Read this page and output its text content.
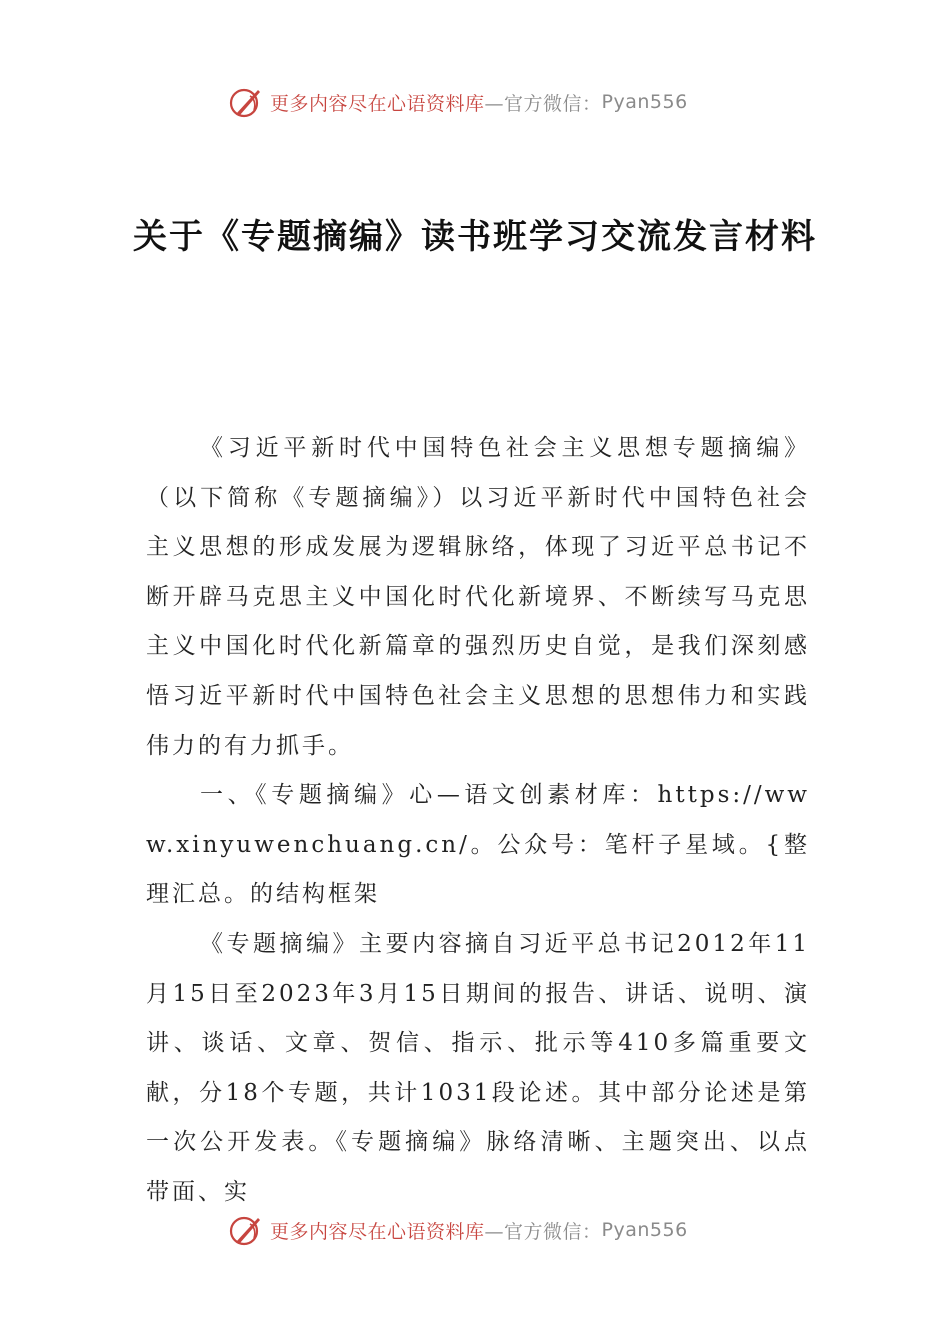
更多内容尽在心语资料库 —官方微信： Pyan556
关于《专题摘编》读书班学习交流发言材料

《习近平新时代中国特色社会主义思想专题摘编》（以下简称《专题摘编》）以习近平新时代中国特色社会主义思想的形成发展为逻辑脉络，体现了习近平总书记不断开辟马克思主义中国化时代化新境界、不断续写马克思主义中国化时代化新篇章的强烈历史自觉，是我们深刻感悟习近平新时代中国特色社会主义思想的思想伟力和实践伟力的有力抓手。

一、《专题摘编》心—语文创素材库：https://www.xinyuwenchuang.cn/。公众号：笔杆子星域。{整理汇总。的结构框架

《专题摘编》主要内容摘自习近平总书记2012年11月15日至2023年3月15日期间的报告、讲话、说明、演讲、谈话、文章、贺信、指示、批示等410多篇重要文献，分18个专题，共计1031段论述。其中部分论述是第一次公开发表。《专题摘编》脉络清晰、主题突出、以点带面、实

更多内容尽在心语资料库 —官方微信： Pyan556
